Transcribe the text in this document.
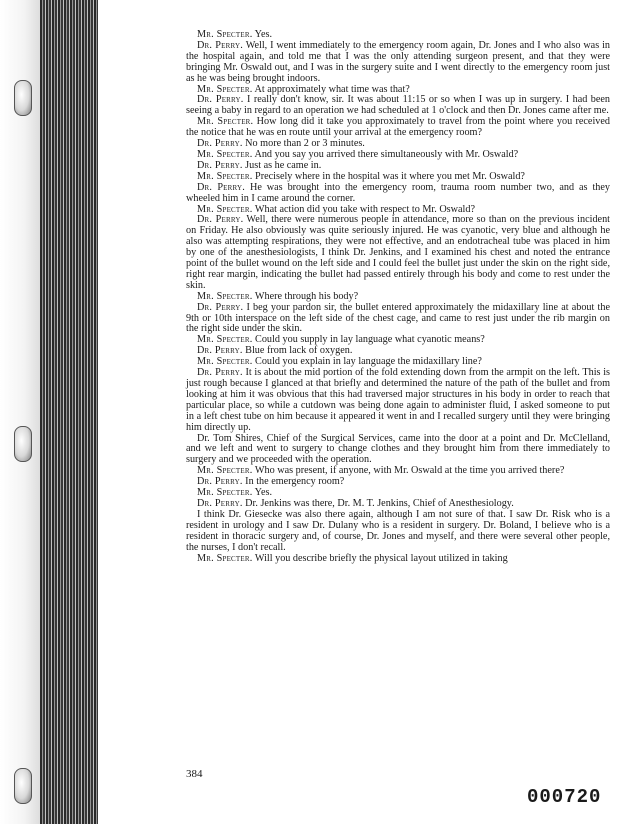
Mr. Specter. Yes.

Dr. Perry. Well, I went immediately to the emergency room again, Dr. Jones and I who also was in the hospital again, and told me that I was the only attending surgeon present, and that they were bringing Mr. Oswald out, and I was in the surgery suite and I went directly to the emergency room just as he was being brought indoors.

Mr. Specter. At approximately what time was that?

Dr. Perry. I really don't know, sir. It was about 11:15 or so when I was up in surgery. I had been seeing a baby in regard to an operation we had scheduled at 1 o'clock and then Dr. Jones came after me.

Mr. Specter. How long did it take you approximately to travel from the point where you received the notice that he was en route until your arrival at the emergency room?

Dr. Perry. No more than 2 or 3 minutes.

Mr. Specter. And you say you arrived there simultaneously with Mr. Oswald?

Dr. Perry. Just as he came in.

Mr. Specter. Precisely where in the hospital was it where you met Mr. Oswald?

Dr. Perry. He was brought into the emergency room, trauma room number two, and as they wheeled him in I came around the corner.

Mr. Specter. What action did you take with respect to Mr. Oswald?

Dr. Perry. Well, there were numerous people in attendance, more so than on the previous incident on Friday. He also obviously was quite seriously injured. He was cyanotic, very blue and although he also was attempting respirations, they were not effective, and an endotracheal tube was placed in him by one of the anesthesiologists, I think Dr. Jenkins, and I examined his chest and noted the entrance point of the bullet wound on the left side and I could feel the bullet just under the skin on the right side, right rear margin, indicating the bullet had passed entirely through his body and come to rest under the skin.

Mr. Specter. Where through his body?

Dr. Perry. I beg your pardon sir, the bullet entered approximately the midaxillary line at about the 9th or 10th interspace on the left side of the chest cage, and came to rest just under the rib margin on the right side under the skin.

Mr. Specter. Could you supply in lay language what cyanotic means?

Dr. Perry. Blue from lack of oxygen.

Mr. Specter. Could you explain in lay language the midaxillary line?

Dr. Perry. It is about the mid portion of the fold extending down from the armpit on the left. This is just rough because I glanced at that briefly and determined the nature of the path of the bullet and from looking at him it was obvious that this had traversed major structures in his body in order to reach that particular place, so while a cutdown was being done again to administer fluid, I asked someone to put in a left chest tube on him because it appeared it went in and I recalled surgery until they were bringing him directly up.

Dr. Tom Shires, Chief of the Surgical Services, came into the door at a point and Dr. McClelland, and we left and went to surgery to change clothes and they brought him from there immediately to surgery and we proceeded with the operation.

Mr. Specter. Who was present, if anyone, with Mr. Oswald at the time you arrived there?

Dr. Perry. In the emergency room?

Mr. Specter. Yes.

Dr. Perry. Dr. Jenkins was there, Dr. M. T. Jenkins, Chief of Anesthesiology.

I think Dr. Giesecke was also there again, although I am not sure of that. I saw Dr. Risk who is a resident in urology and I saw Dr. Dulany who is a resident in surgery. Dr. Boland, I believe who is a resident in thoracic surgery and, of course, Dr. Jones and myself, and there were several other people, the nurses, I don't recall.

Mr. Specter. Will you describe briefly the physical layout utilized in taking

384
000720
